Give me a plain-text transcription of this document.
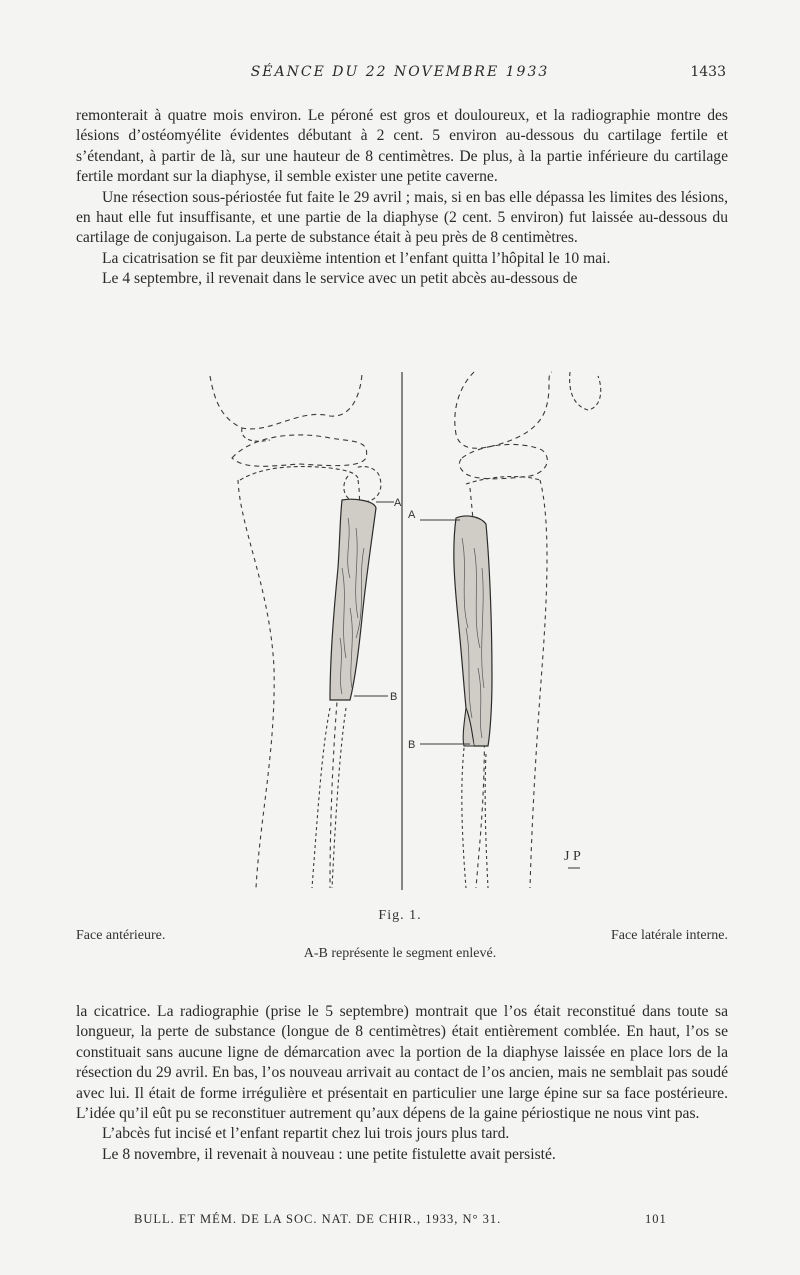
SÉANCE DU 22 NOVEMBRE 1933	1433

remonterait à quatre mois environ. Le péroné est gros et douloureux, et la radiographie montre des lésions d’ostéomyélite évidentes débutant à 2 cent. 5 environ au-dessous du cartilage fertile et s’étendant, à partir de là, sur une hauteur de 8 centimètres. De plus, à la partie inférieure du cartilage fertile mordant sur la diaphyse, il semble exister une petite caverne.

Une résection sous-périostée fut faite le 29 avril ; mais, si en bas elle dépassa les limites des lésions, en haut elle fut insuffisante, et une partie de la diaphyse (2 cent. 5 environ) fut laissée au-dessous du cartilage de conjugaison. La perte de substance était à peu près de 8 centimètres.

La cicatrisation se fit par deuxième intention et l’enfant quitta l’hôpital le 10 mai.

Le 4 septembre, il revenait dans le service avec un petit abcès au-dessous de

A
B
A
B
J P
Fig. 1.
Face antérieure.	Face latérale interne.
A-B représente le segment enlevé.

la cicatrice. La radiographie (prise le 5 septembre) montrait que l’os était reconstitué dans toute sa longueur, la perte de substance (longue de 8 centimètres) était entièrement comblée. En haut, l’os se constituait sans aucune ligne de démarcation avec la portion de la diaphyse laissée en place lors de la résection du 29 avril. En bas, l’os nouveau arrivait au contact de l’os ancien, mais ne semblait pas soudé avec lui. Il était de forme irrégulière et présentait en particulier une large épine sur sa face postérieure. L’idée qu’il eût pu se reconstituer autrement qu’aux dépens de la gaine périostique ne nous vint pas.

L’abcès fut incisé et l’enfant repartit chez lui trois jours plus tard.

Le 8 novembre, il revenait à nouveau : une petite fistulette avait persisté.

BULL. ET MÉM. DE LA SOC. NAT. DE CHIR., 1933, N° 31.	101
